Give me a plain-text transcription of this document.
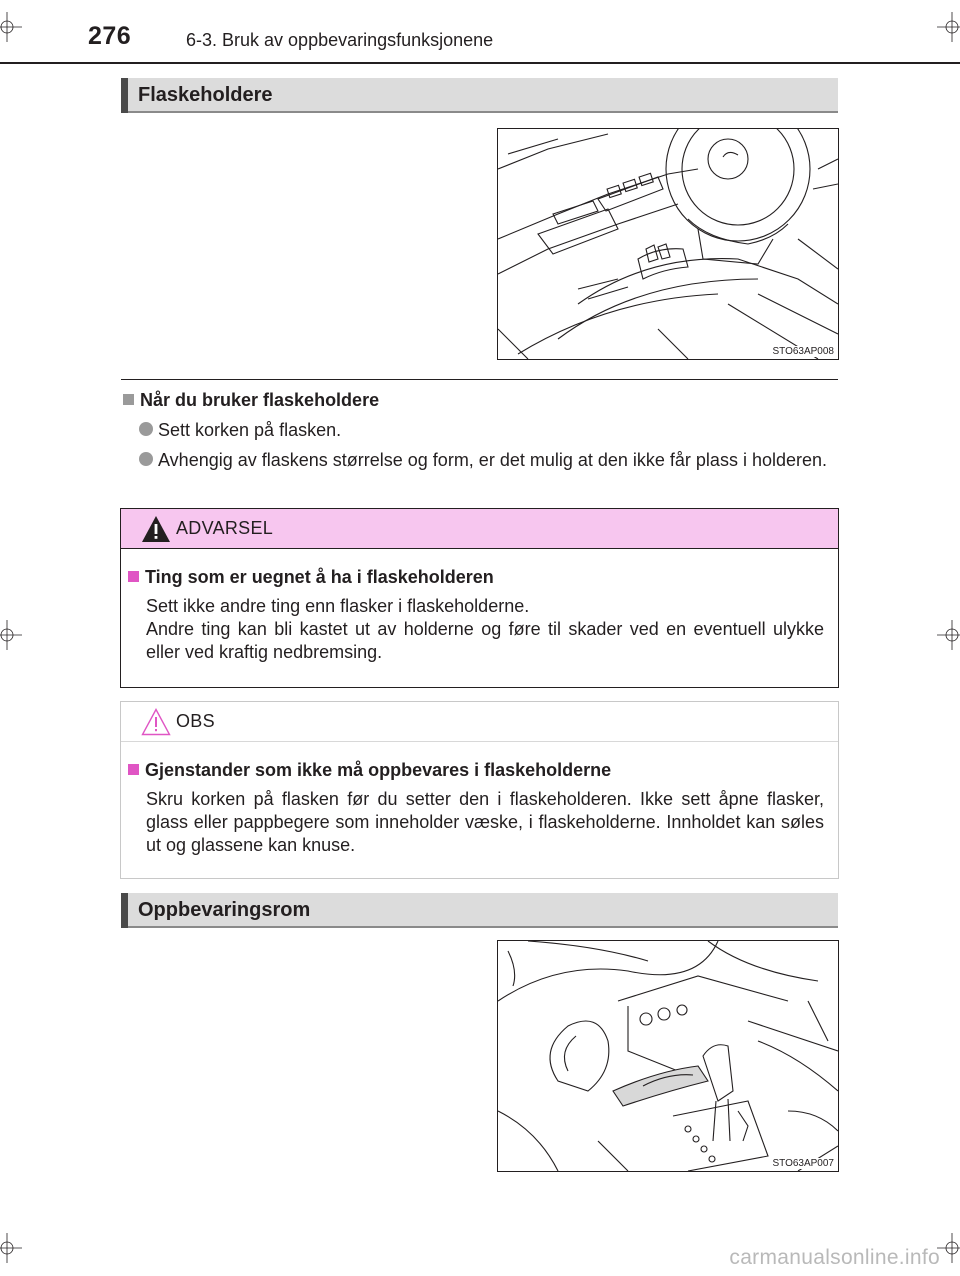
276	6-3. Bruk av oppbevaringsfunksjonene
Flaskeholdere
STO63AP008
Når du bruker flaskeholdere
Sett korken på flasken.
Avhengig av flaskens størrelse og form, er det mulig at den ikke får plass i holderen.
ADVARSEL
Ting som er uegnet å ha i flaskeholderen
Sett ikke andre ting enn flasker i flaskeholderne.
Andre ting kan bli kastet ut av holderne og føre til skader ved en eventuell ulykke eller ved kraftig nedbremsing.
OBS
Gjenstander som ikke må oppbevares i flaskeholderne
Skru korken på flasken før du setter den i flaskeholderen. Ikke sett åpne flasker, glass eller pappbegere som inneholder væske, i flaskeholderne. Innholdet kan søles ut og glassene kan knuse.
Oppbevaringsrom
STO63AP007
carmanualsonline.info
